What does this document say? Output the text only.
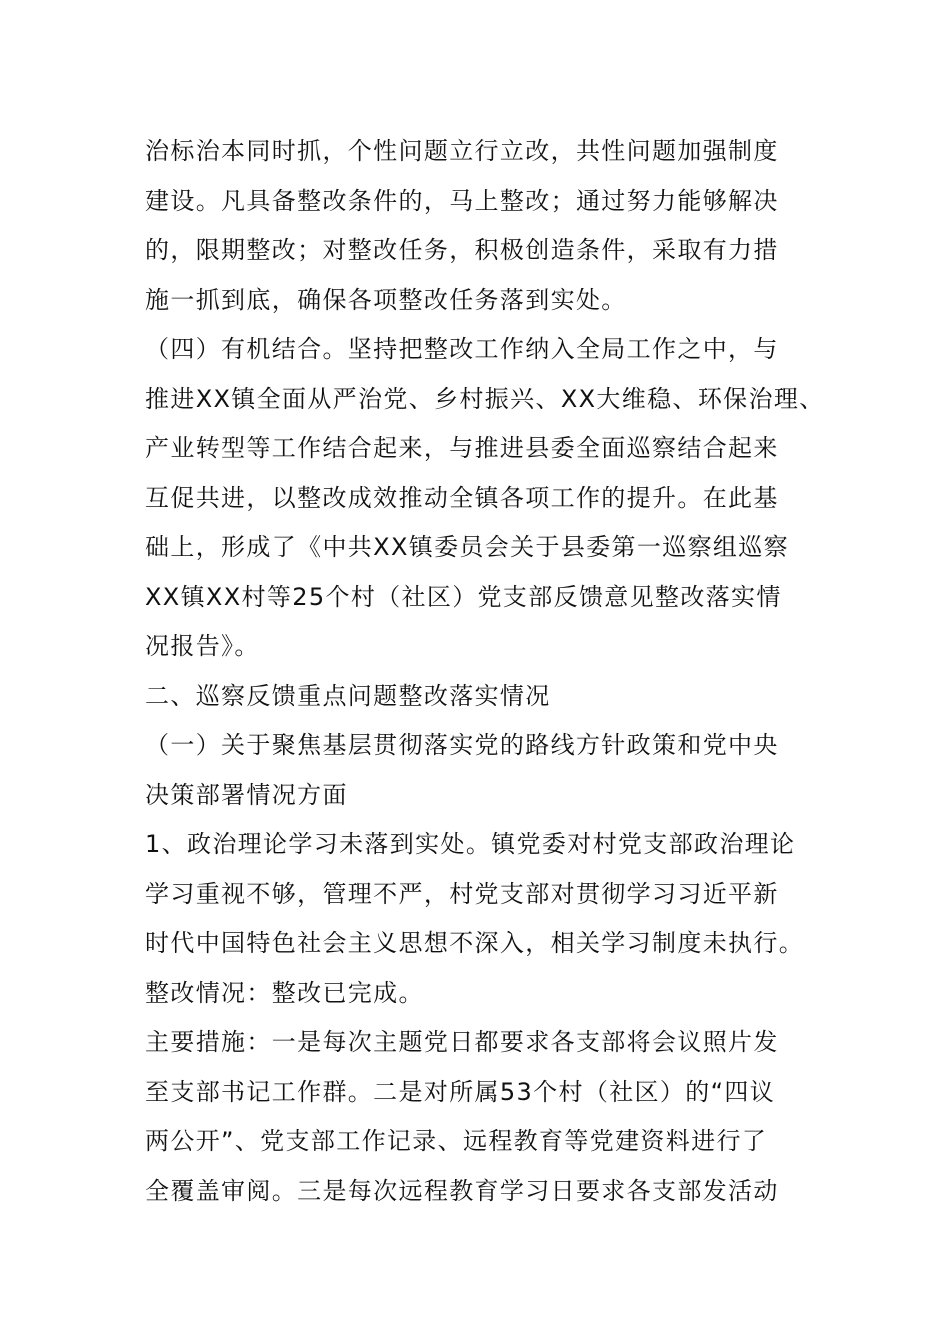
治标治本同时抓，个性问题立行立改，共性问题加强制度
建设。凡具备整改条件的，马上整改；通过努力能够解决
的，限期整改；对整改任务，积极创造条件，采取有力措
施一抓到底，确保各项整改任务落到实处。
（四）有机结合。坚持把整改工作纳入全局工作之中，与
推进XX镇全面从严治党、乡村振兴、XX大维稳、环保治理、
产业转型等工作结合起来，与推进县委全面巡察结合起来
互促共进，以整改成效推动全镇各项工作的提升。在此基
础上，形成了《中共XX镇委员会关于县委第一巡察组巡察
XX镇XX村等25个村（社区）党支部反馈意见整改落实情
况报告》。
二、巡察反馈重点问题整改落实情况
（一）关于聚焦基层贯彻落实党的路线方针政策和党中央
决策部署情况方面
1、政治理论学习未落到实处。镇党委对村党支部政治理论
学习重视不够，管理不严，村党支部对贯彻学习习近平新
时代中国特色社会主义思想不深入，相关学习制度未执行。
整改情况：整改已完成。
主要措施：一是每次主题党日都要求各支部将会议照片发
至支部书记工作群。二是对所属53个村（社区）的“四议
两公开”、党支部工作记录、远程教育等党建资料进行了
全覆盖审阅。三是每次远程教育学习日要求各支部发活动
